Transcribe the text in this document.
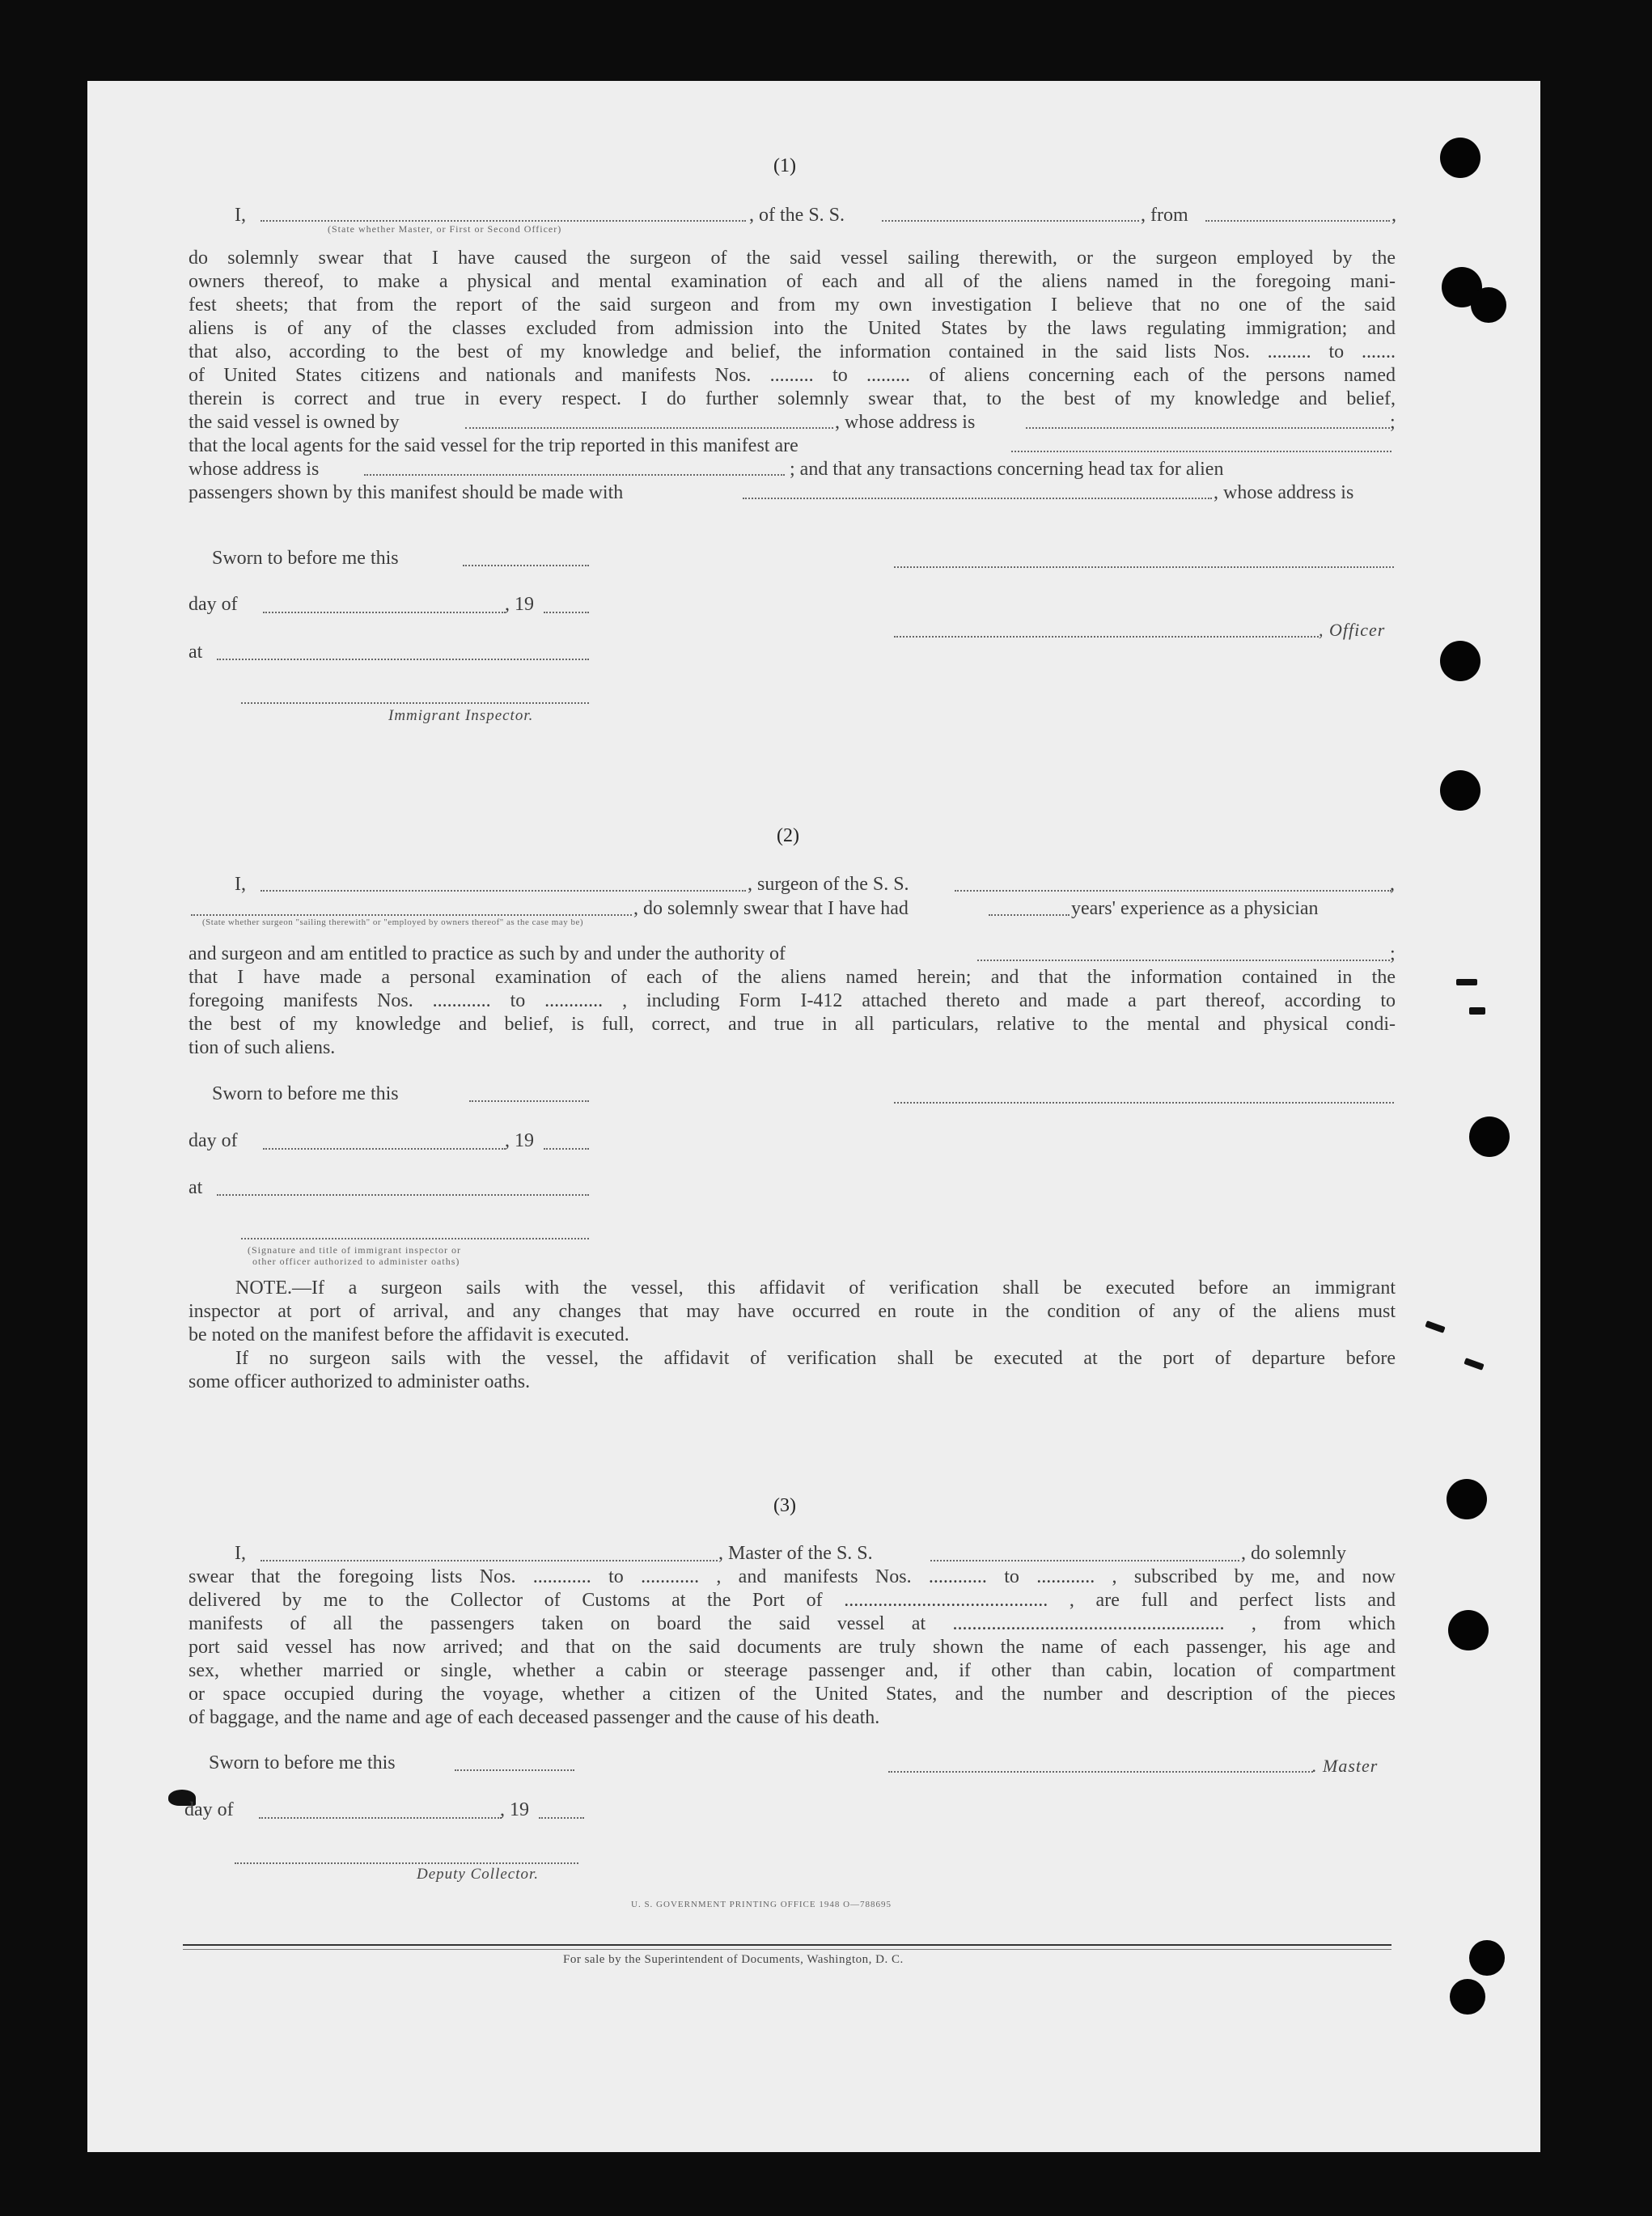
(1)
I,	, of the S. S.	, from	,
(State whether Master, or First or Second Officer)
do solemnly swear that I have caused the surgeon of the said vessel sailing therewith, or the surgeon employed by the
owners thereof, to make a physical and mental examination of each and all of the aliens named in the foregoing mani-
fest sheets; that from the report of the said surgeon and from my own investigation I believe that no one of the said
aliens is of any of the classes excluded from admission into the United States by the laws regulating immigration; and
that also, according to the best of my knowledge and belief, the information contained in the said lists Nos. ......... to .......
of United States citizens and nationals and manifests Nos. ......... to ......... of aliens concerning each of the persons named
therein is correct and true in every respect. I do further solemnly swear that, to the best of my knowledge and belief,
the said vessel is owned by	, whose address is	;
that the local agents for the said vessel for the trip reported in this manifest are
whose address is	; and that any transactions concerning head tax for alien
passengers shown by this manifest should be made with	, whose address is
Sworn to before me this
day of	, 19
, Officer
at
Immigrant Inspector.
(2)
I,	, surgeon of the S. S.	,
, do solemnly swear that I have had	years' experience as a physician
(State whether surgeon "sailing therewith" or "employed by owners thereof" as the case may be)
and surgeon and am entitled to practice as such by and under the authority of	;
that I have made a personal examination of each of the aliens named herein; and that the information contained in the
foregoing manifests Nos. ............ to ............ , including Form I-412 attached thereto and made a part thereof, according to
the best of my knowledge and belief, is full, correct, and true in all particulars, relative to the mental and physical condi-
tion of such aliens.
Sworn to before me this
day of	, 19
at
(Signature and title of immigrant inspector or
other officer authorized to administer oaths)
NOTE.—If a surgeon sails with the vessel, this affidavit of verification shall be executed before an immigrant
inspector at port of arrival, and any changes that may have occurred en route in the condition of any of the aliens must
be noted on the manifest before the affidavit is executed.
If no surgeon sails with the vessel, the affidavit of verification shall be executed at the port of departure before
some officer authorized to administer oaths.
(3)
I,	, Master of the S. S.	, do solemnly
swear that the foregoing lists Nos. ............ to ............ , and manifests Nos. ............ to ............ , subscribed by me, and now
delivered by me to the Collector of Customs at the Port of .......................................... , are full and perfect lists and
manifests of all the passengers taken on board the said vessel at ........................................................ , from which
port said vessel has now arrived; and that on the said documents are truly shown the name of each passenger, his age and
sex, whether married or single, whether a cabin or steerage passenger and, if other than cabin, location of compartment
or space occupied during the voyage, whether a citizen of the United States, and the number and description of the pieces
of baggage, and the name and age of each deceased passenger and the cause of his death.
Sworn to before me this	. Master
day of	, 19
Deputy Collector.
U. S. GOVERNMENT PRINTING OFFICE 1948 O—788695
For sale by the Superintendent of Documents, Washington, D. C.
